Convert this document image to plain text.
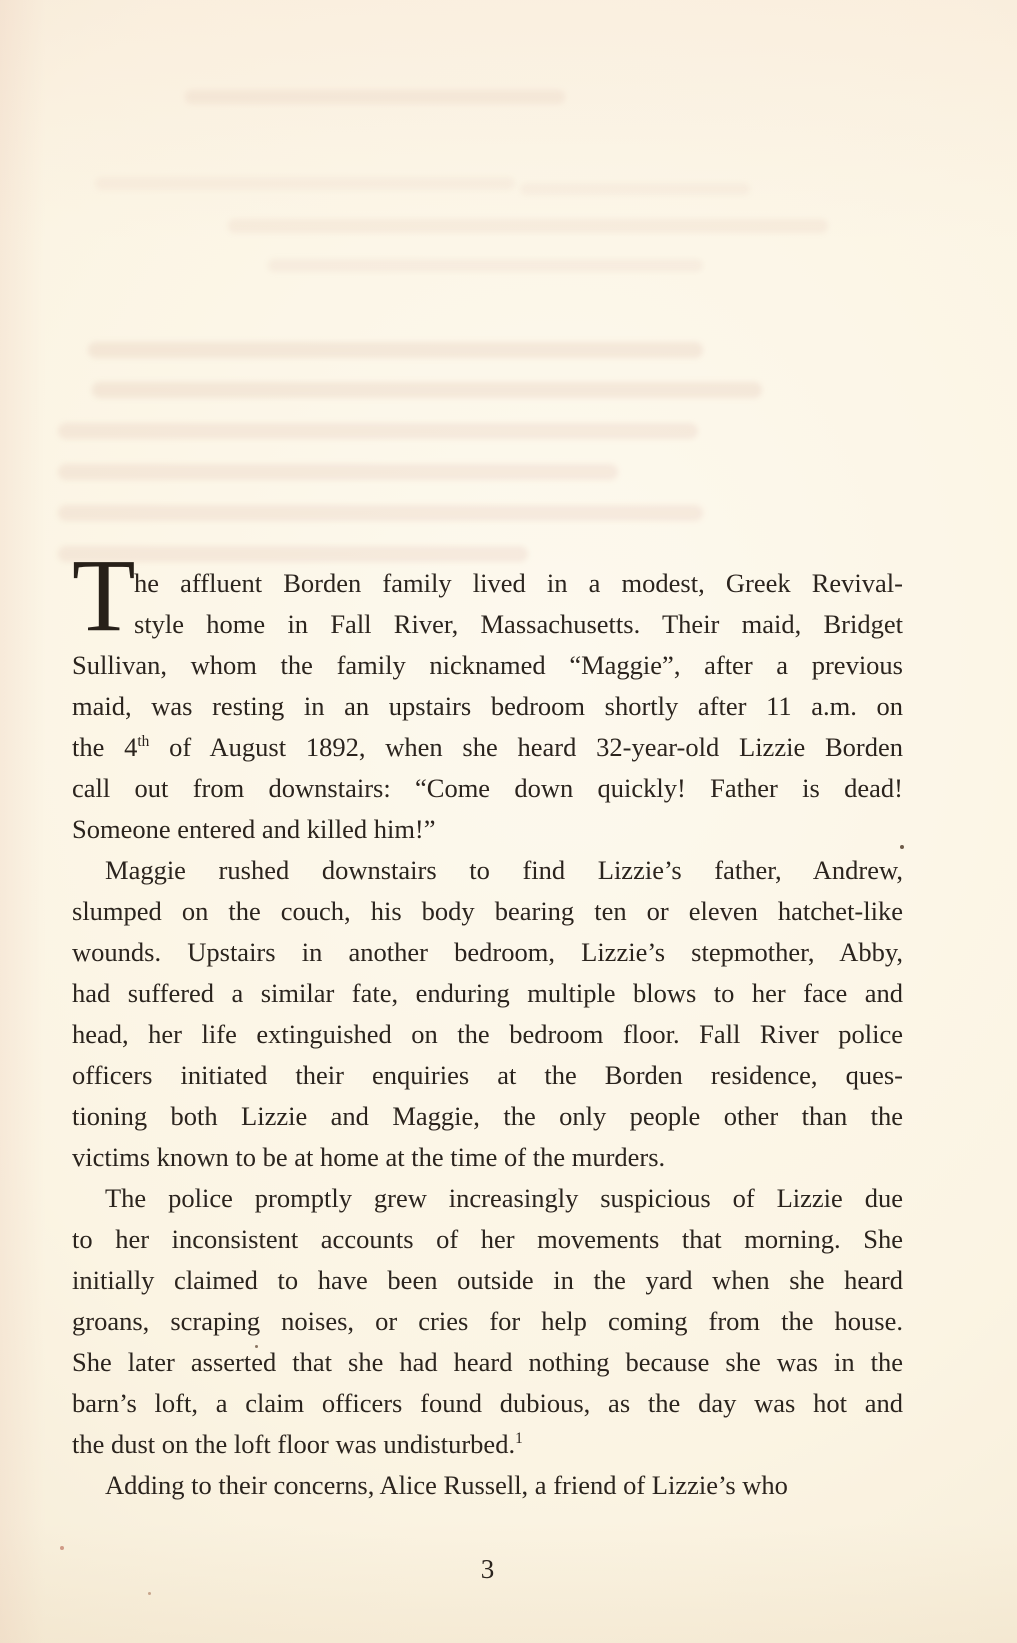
T
he affluent Borden family lived in a modest, Greek Revival-
style home in Fall River, Massachusetts. Their maid, Bridget
Sullivan, whom the family nicknamed “Maggie”, after a previous
maid, was resting in an upstairs bedroom shortly after 11 a.m. on
the 4th of August 1892, when she heard 32-year-old Lizzie Borden
call out from downstairs: “Come down quickly! Father is dead!
Someone entered and killed him!”
Maggie rushed downstairs to find Lizzie’s father, Andrew,
slumped on the couch, his body bearing ten or eleven hatchet-like
wounds. Upstairs in another bedroom, Lizzie’s stepmother, Abby,
had suffered a similar fate, enduring multiple blows to her face and
head, her life extinguished on the bedroom floor. Fall River police
officers initiated their enquiries at the Borden residence, ques-
tioning both Lizzie and Maggie, the only people other than the
victims known to be at home at the time of the murders.
The police promptly grew increasingly suspicious of Lizzie due
to her inconsistent accounts of her movements that morning. She
initially claimed to have been outside in the yard when she heard
groans, scraping noises, or cries for help coming from the house.
She later asserted that she had heard nothing because she was in the
barn’s loft, a claim officers found dubious, as the day was hot and
the dust on the loft floor was undisturbed.$^1$
Adding to their concerns, Alice Russell, a friend of Lizzie’s who
3
